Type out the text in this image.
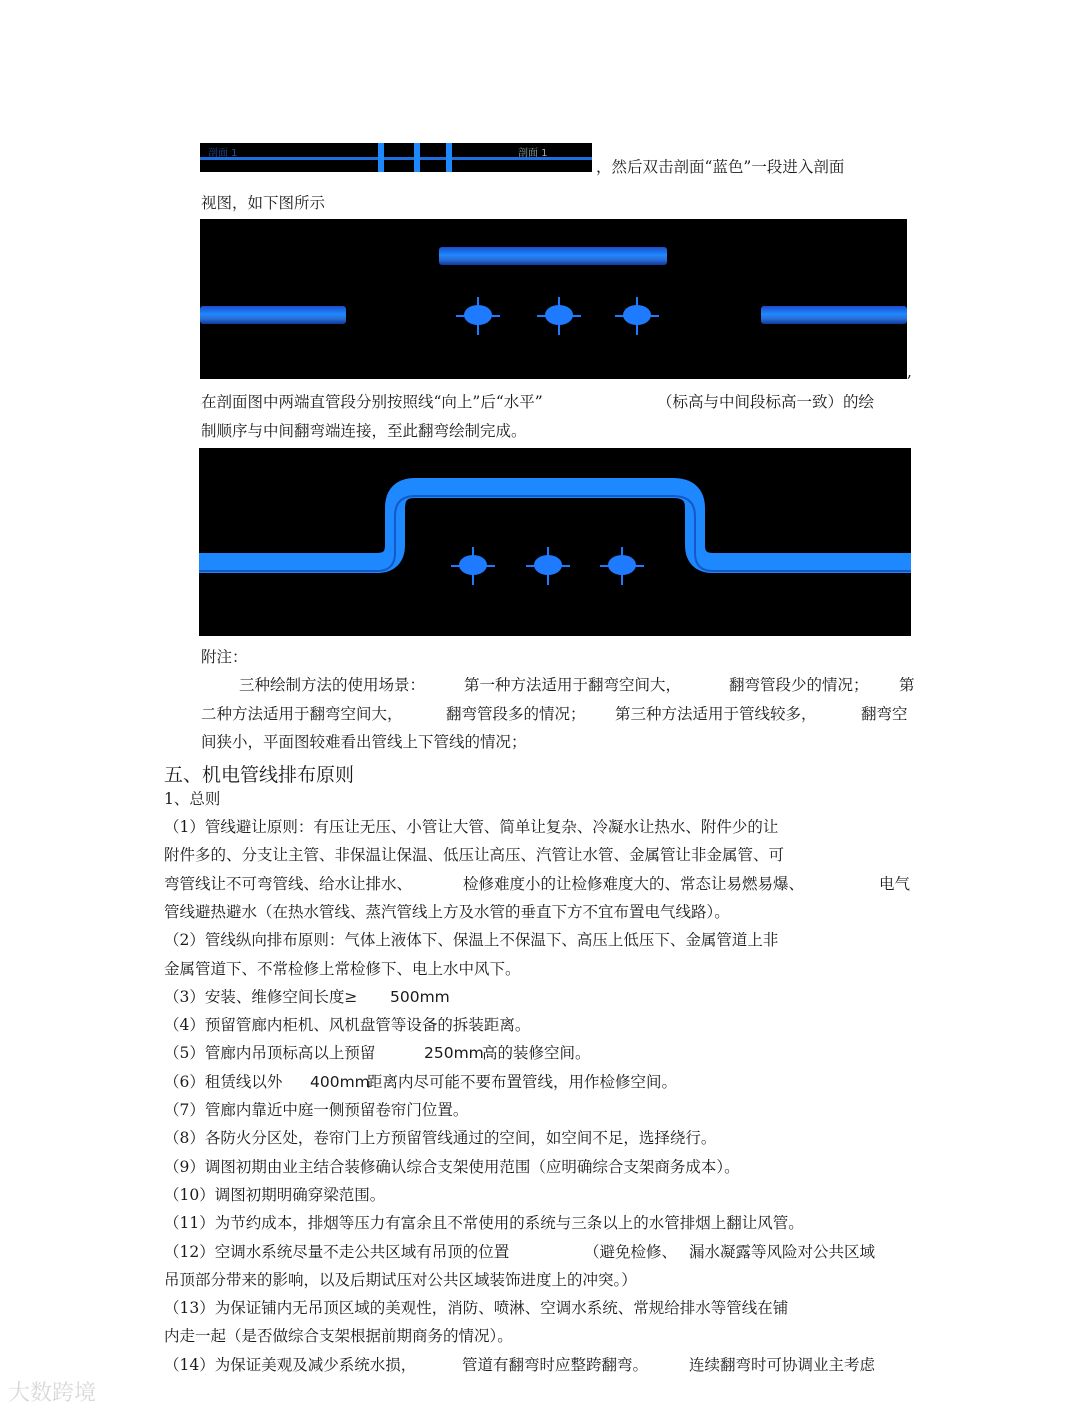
剖面 1	剖面 1
，然后双击剖面“蓝色”一段进入剖面
视图，如下图所示
,
在剖面图中两端直管段分别按照线“向上”后“水平”	（标高与中间段标高一致）的绘
制顺序与中间翻弯端连接，至此翻弯绘制完成。
附注：
三种绘制方法的使用场景：	第一种方法适用于翻弯空间大，	翻弯管段少的情况； 第
二种方法适用于翻弯空间大，	翻弯管段多的情况； 第三种方法适用于管线较多，	翻弯空
间狭小，平面图较难看出管线上下管线的情况；
五、机电管线排布原则
1、总则
（1）管线避让原则：有压让无压、小管让大管、简单让复杂、冷凝水让热水、附件少的让
附件多的、分支让主管、非保温让保温、低压让高压、汽管让水管、金属管让非金属管、可
弯管线让不可弯管线、给水让排水、	检修难度小的让检修难度大的、常态让易燃易爆、	电气
管线避热避水（在热水管线、蒸汽管线上方及水管的垂直下方不宜布置电气线路）。
（2）管线纵向排布原则：气体上液体下、保温上不保温下、高压上低压下、金属管道上非
金属管道下、不常检修上常检修下、电上水中风下。
（3）安装、维修空间长度≥ 500mm
（4）预留管廊内柜机、风机盘管等设备的拆装距离。
（5）管廊内吊顶标高以上预留	250mm
高的装修空间。
（6）租赁线以外 400mm
距离内尽可能不要布置管线，用作检修空间。
（7）管廊内靠近中庭一侧预留卷帘门位置。
（8）各防火分区处，卷帘门上方预留管线通过的空间，如空间不足，选择绕行。
（9）调图初期由业主结合装修确认综合支架使用范围（应明确综合支架商务成本）。
（10）调图初期明确穿梁范围。
（11）为节约成本，排烟等压力有富余且不常使用的系统与三条以上的水管排烟上翻让风管。
（12）空调水系统尽量不走公共区域有吊顶的位置	（避免检修、 漏水凝露等风险对公共区域
吊顶部分带来的影响，以及后期试压对公共区域装饰进度上的冲突。）
（13）为保证铺内无吊顶区域的美观性，消防、喷淋、空调水系统、常规给排水等管线在铺
内走一起（是否做综合支架根据前期商务的情况）。
（14）为保证美观及减少系统水损，	管道有翻弯时应整跨翻弯。	连续翻弯时可协调业主考虑
大数跨境
